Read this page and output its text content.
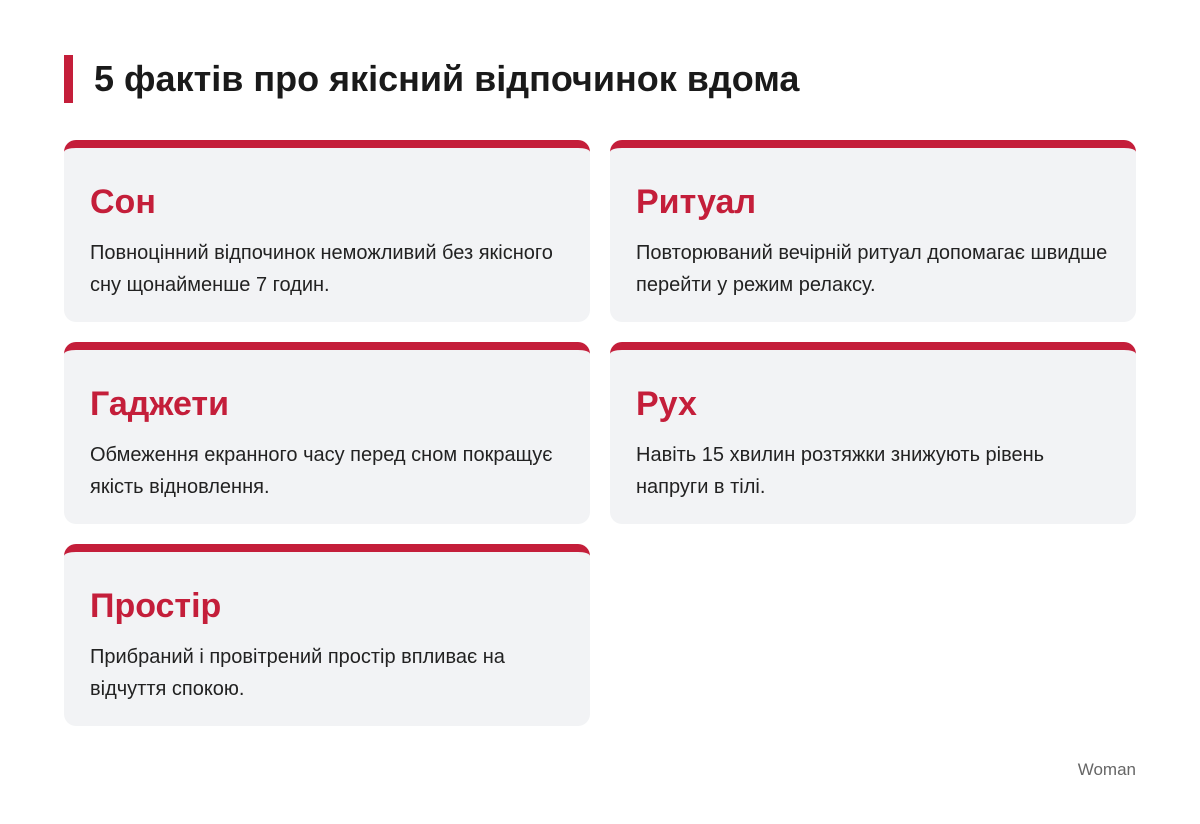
5 фактів про якісний відпочинок вдома
Сон

Повноцінний відпочинок неможливий без якісного сну щонайменше 7 годин.

Ритуал

Повторюваний вечірній ритуал допомагає швидше перейти у режим релаксу.

Гаджети

Обмеження екранного часу перед сном покращує якість відновлення.

Рух

Навіть 15 хвилин розтяжки знижують рівень напруги в тілі.

Простір

Прибраний і провітрений простір впливає на відчуття спокою.

Woman
